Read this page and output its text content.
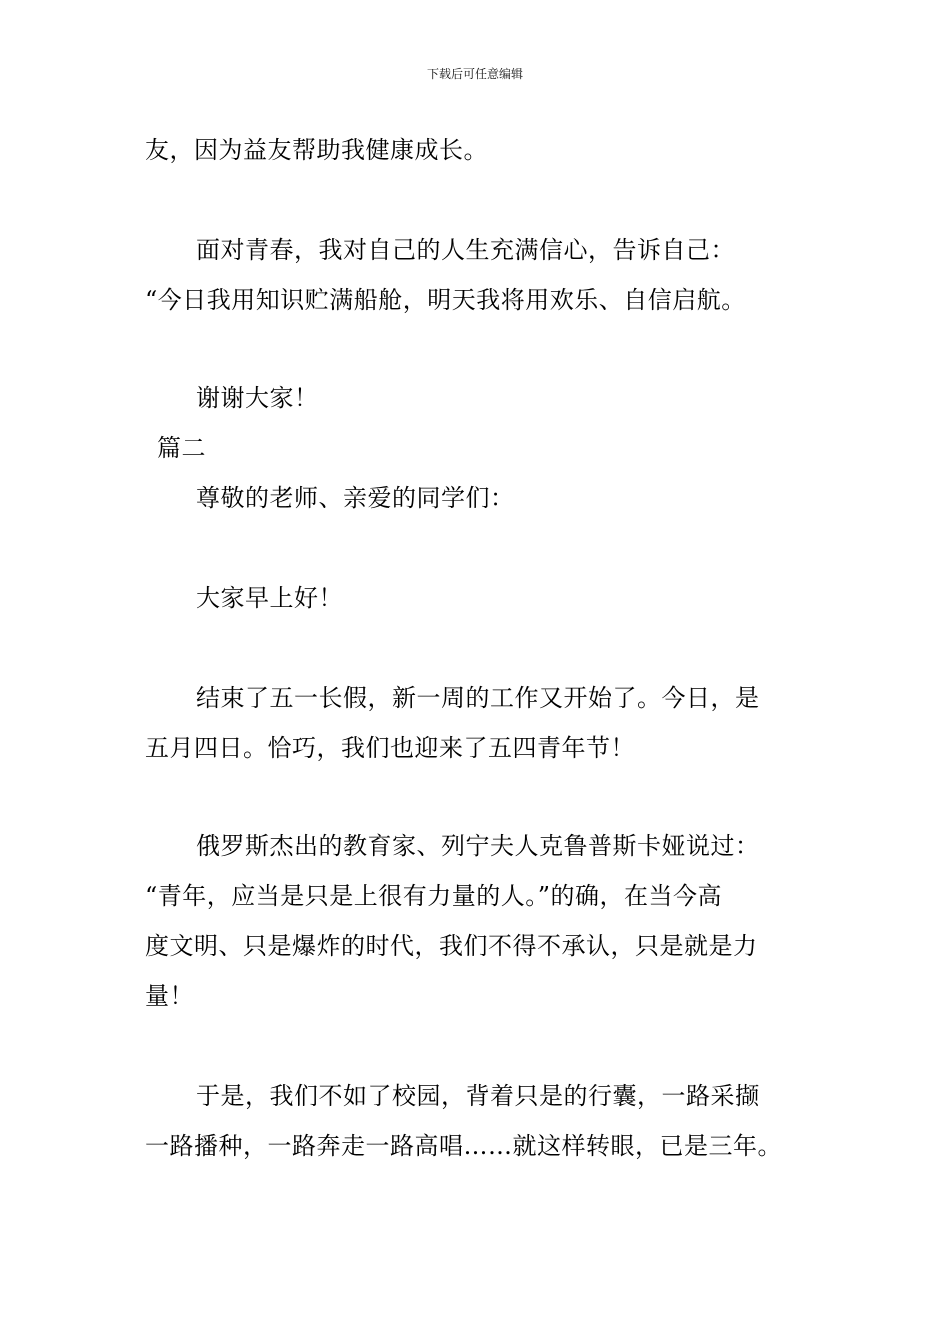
下载后可任意编辑
友，因为益友帮助我健康成长。
面对青春，我对自己的人生充满信心，告诉自己：
“今日我用知识贮满船舱，明天我将用欢乐、自信启航。
谢谢大家！
篇二
尊敬的老师、亲爱的同学们：
大家早上好！
结束了五一长假，新一周的工作又开始了。今日，是
五月四日。恰巧，我们也迎来了五四青年节！
俄罗斯杰出的教育家、列宁夫人克鲁普斯卡娅说过：
“青年，应当是只是上很有力量的人。”的确，在当今高
度文明、只是爆炸的时代，我们不得不承认，只是就是力
量！
于是，我们不如了校园，背着只是的行囊，一路采撷
一路播种，一路奔走一路高唱……就这样转眼，已是三年。
